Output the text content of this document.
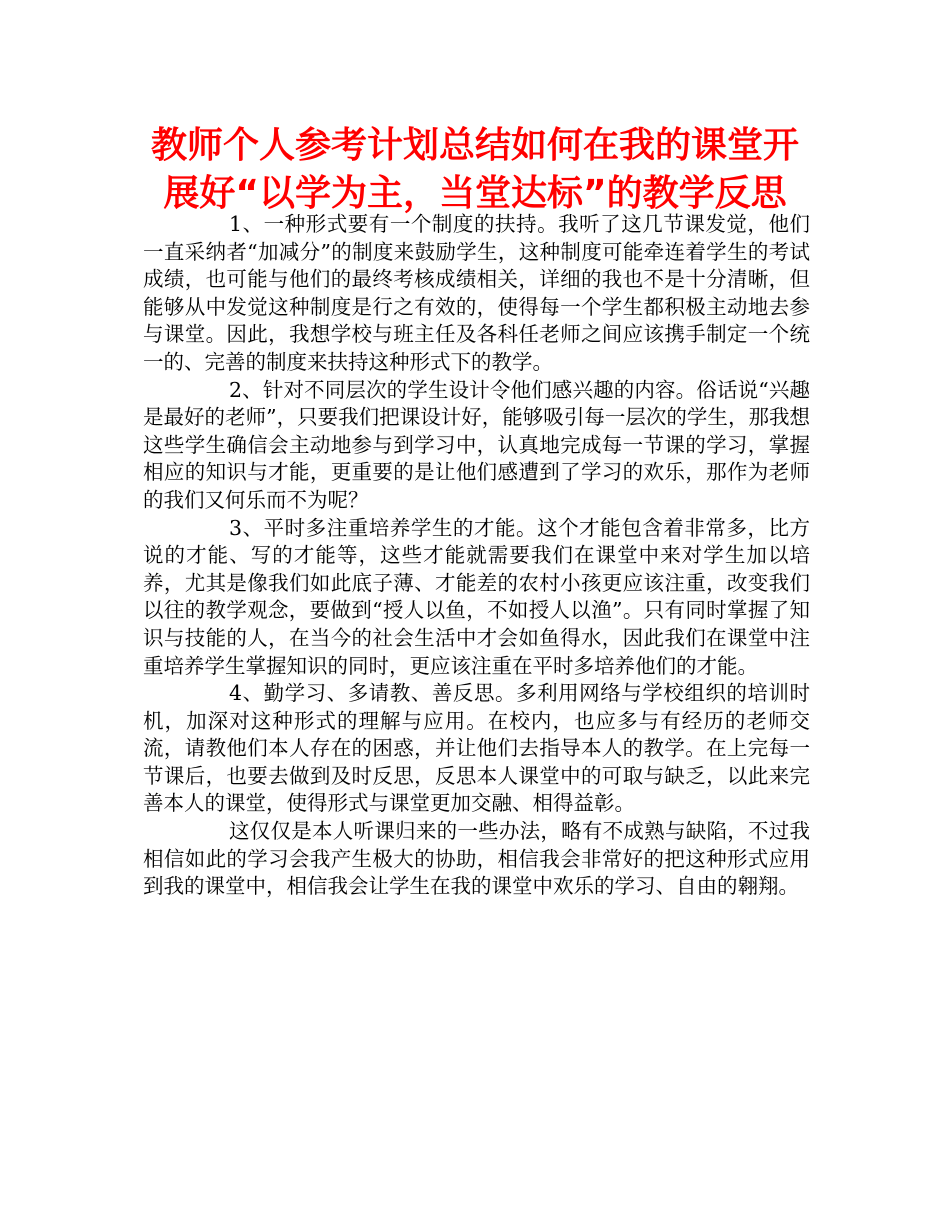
教师个人参考计划总结如何在我的课堂开展好“以学为主，当堂达标”的教学反思

1、一种形式要有一个制度的扶持。我听了这几节课发觉，他们一直采纳者“加减分”的制度来鼓励学生，这种制度可能牵连着学生的考试成绩，也可能与他们的最终考核成绩相关，详细的我也不是十分清晰，但能够从中发觉这种制度是行之有效的，使得每一个学生都积极主动地去参与课堂。因此，我想学校与班主任及各科任老师之间应该携手制定一个统一的、完善的制度来扶持这种形式下的教学。

2、针对不同层次的学生设计令他们感兴趣的内容。俗话说“兴趣是最好的老师”，只要我们把课设计好，能够吸引每一层次的学生，那我想这些学生确信会主动地参与到学习中，认真地完成每一节课的学习，掌握相应的知识与才能，更重要的是让他们感遭到了学习的欢乐，那作为老师的我们又何乐而不为呢？

3、平时多注重培养学生的才能。这个才能包含着非常多，比方说的才能、写的才能等，这些才能就需要我们在课堂中来对学生加以培养，尤其是像我们如此底子薄、才能差的农村小孩更应该注重，改变我们以往的教学观念，要做到“授人以鱼，不如授人以渔”。只有同时掌握了知识与技能的人，在当今的社会生活中才会如鱼得水，因此我们在课堂中注重培养学生掌握知识的同时，更应该注重在平时多培养他们的才能。

4、勤学习、多请教、善反思。多利用网络与学校组织的培训时机，加深对这种形式的理解与应用。在校内，也应多与有经历的老师交流，请教他们本人存在的困惑，并让他们去指导本人的教学。在上完每一节课后，也要去做到及时反思，反思本人课堂中的可取与缺乏，以此来完善本人的课堂，使得形式与课堂更加交融、相得益彰。

这仅仅是本人听课归来的一些办法，略有不成熟与缺陷，不过我相信如此的学习会我产生极大的协助，相信我会非常好的把这种形式应用到我的课堂中，相信我会让学生在我的课堂中欢乐的学习、自由的翱翔。
